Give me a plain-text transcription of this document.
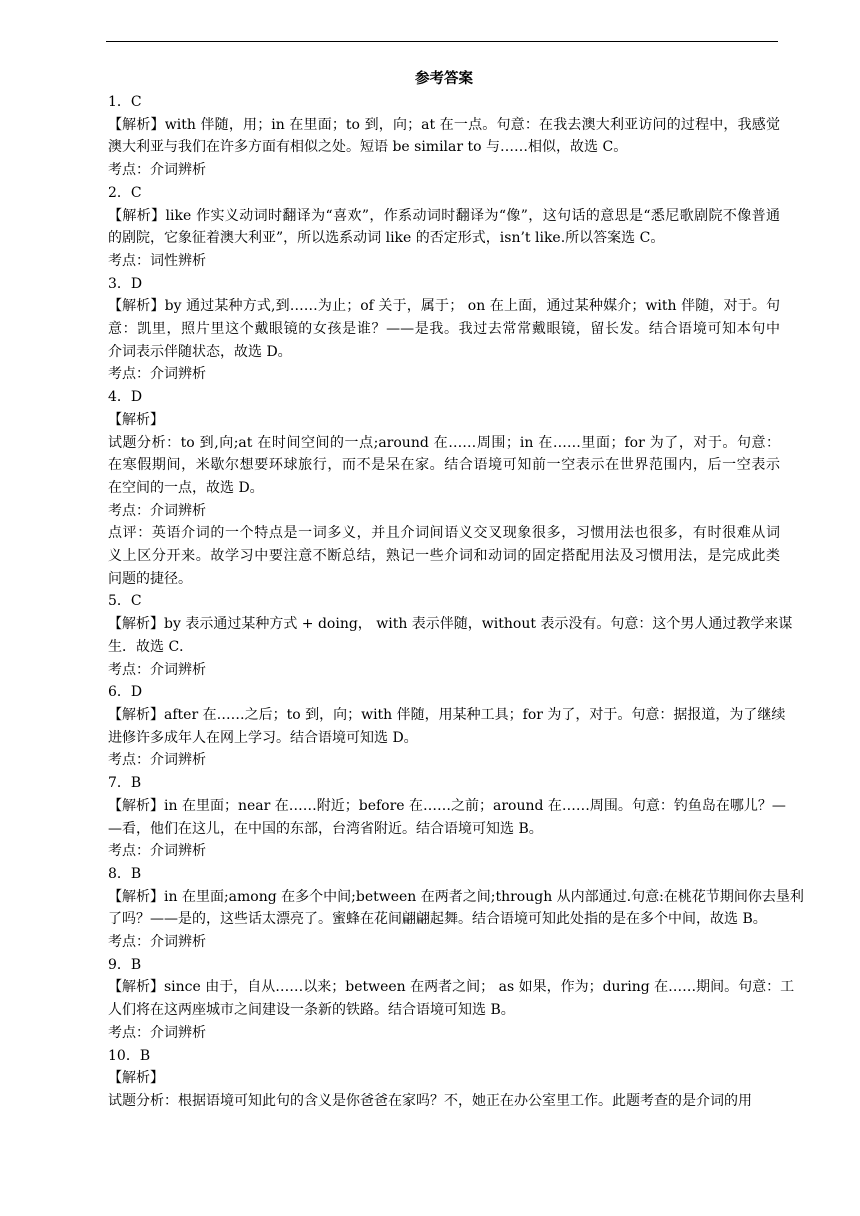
参考答案
1．C
【解析】with 伴随，用；in 在里面；to 到，向；at 在一点。句意：在我去澳大利亚访问的过程中，我感觉
澳大利亚与我们在许多方面有相似之处。短语 be similar to 与……相似，故选 C。
考点：介词辨析
2．C
【解析】like 作实义动词时翻译为“喜欢”，作系动词时翻译为“像”，这句话的意思是“悉尼歌剧院不像普通
的剧院，它象征着澳大利亚”，所以选系动词 like 的否定形式，isn’t like.所以答案选 C。
考点：词性辨析
3．D
【解析】by 通过某种方式,到……为止；of 关于，属于； on 在上面，通过某种媒介；with 伴随，对于。句
意：凯里，照片里这个戴眼镜的女孩是谁？——是我。我过去常常戴眼镜，留长发。结合语境可知本句中
介词表示伴随状态，故选 D。
考点：介词辨析
4．D
【解析】
试题分析：to 到,向;at 在时间空间的一点;around 在……周围；in 在……里面；for 为了，对于。句意：
在寒假期间，米歇尔想要环球旅行，而不是呆在家。结合语境可知前一空表示在世界范围内，后一空表示
在空间的一点，故选 D。
考点：介词辨析
点评：英语介词的一个特点是一词多义，并且介词间语义交叉现象很多，习惯用法也很多，有时很难从词
义上区分开来。故学习中要注意不断总结，熟记一些介词和动词的固定搭配用法及习惯用法，是完成此类
问题的捷径。
5．C
【解析】by 表示通过某种方式 + doing， with 表示伴随，without 表示没有。句意：这个男人通过教学来谋
生．故选 C．
考点：介词辨析
6．D
【解析】after 在……之后；to 到，向；with 伴随，用某种工具；for 为了，对于。句意：据报道，为了继续
进修许多成年人在网上学习。结合语境可知选 D。
考点：介词辨析
7．B
【解析】in 在里面；near 在……附近；before 在……之前；around 在……周围。句意：钓鱼岛在哪儿？—
—看，他们在这儿，在中国的东部，台湾省附近。结合语境可知选 B。
考点：介词辨析
8．B
【解析】in 在里面;among 在多个中间;between 在两者之间;through 从内部通过.句意:在桃花节期间你去垦利
了吗？——是的，这些话太漂亮了。蜜蜂在花间翩翩起舞。结合语境可知此处指的是在多个中间，故选 B。
考点：介词辨析
9．B
【解析】since 由于，自从……以来；between 在两者之间； as 如果，作为；during 在……期间。句意：工
人们将在这两座城市之间建设一条新的铁路。结合语境可知选 B。
考点：介词辨析
10．B
【解析】
试题分析：根据语境可知此句的含义是你爸爸在家吗？不，她正在办公室里工作。此题考查的是介词的用
